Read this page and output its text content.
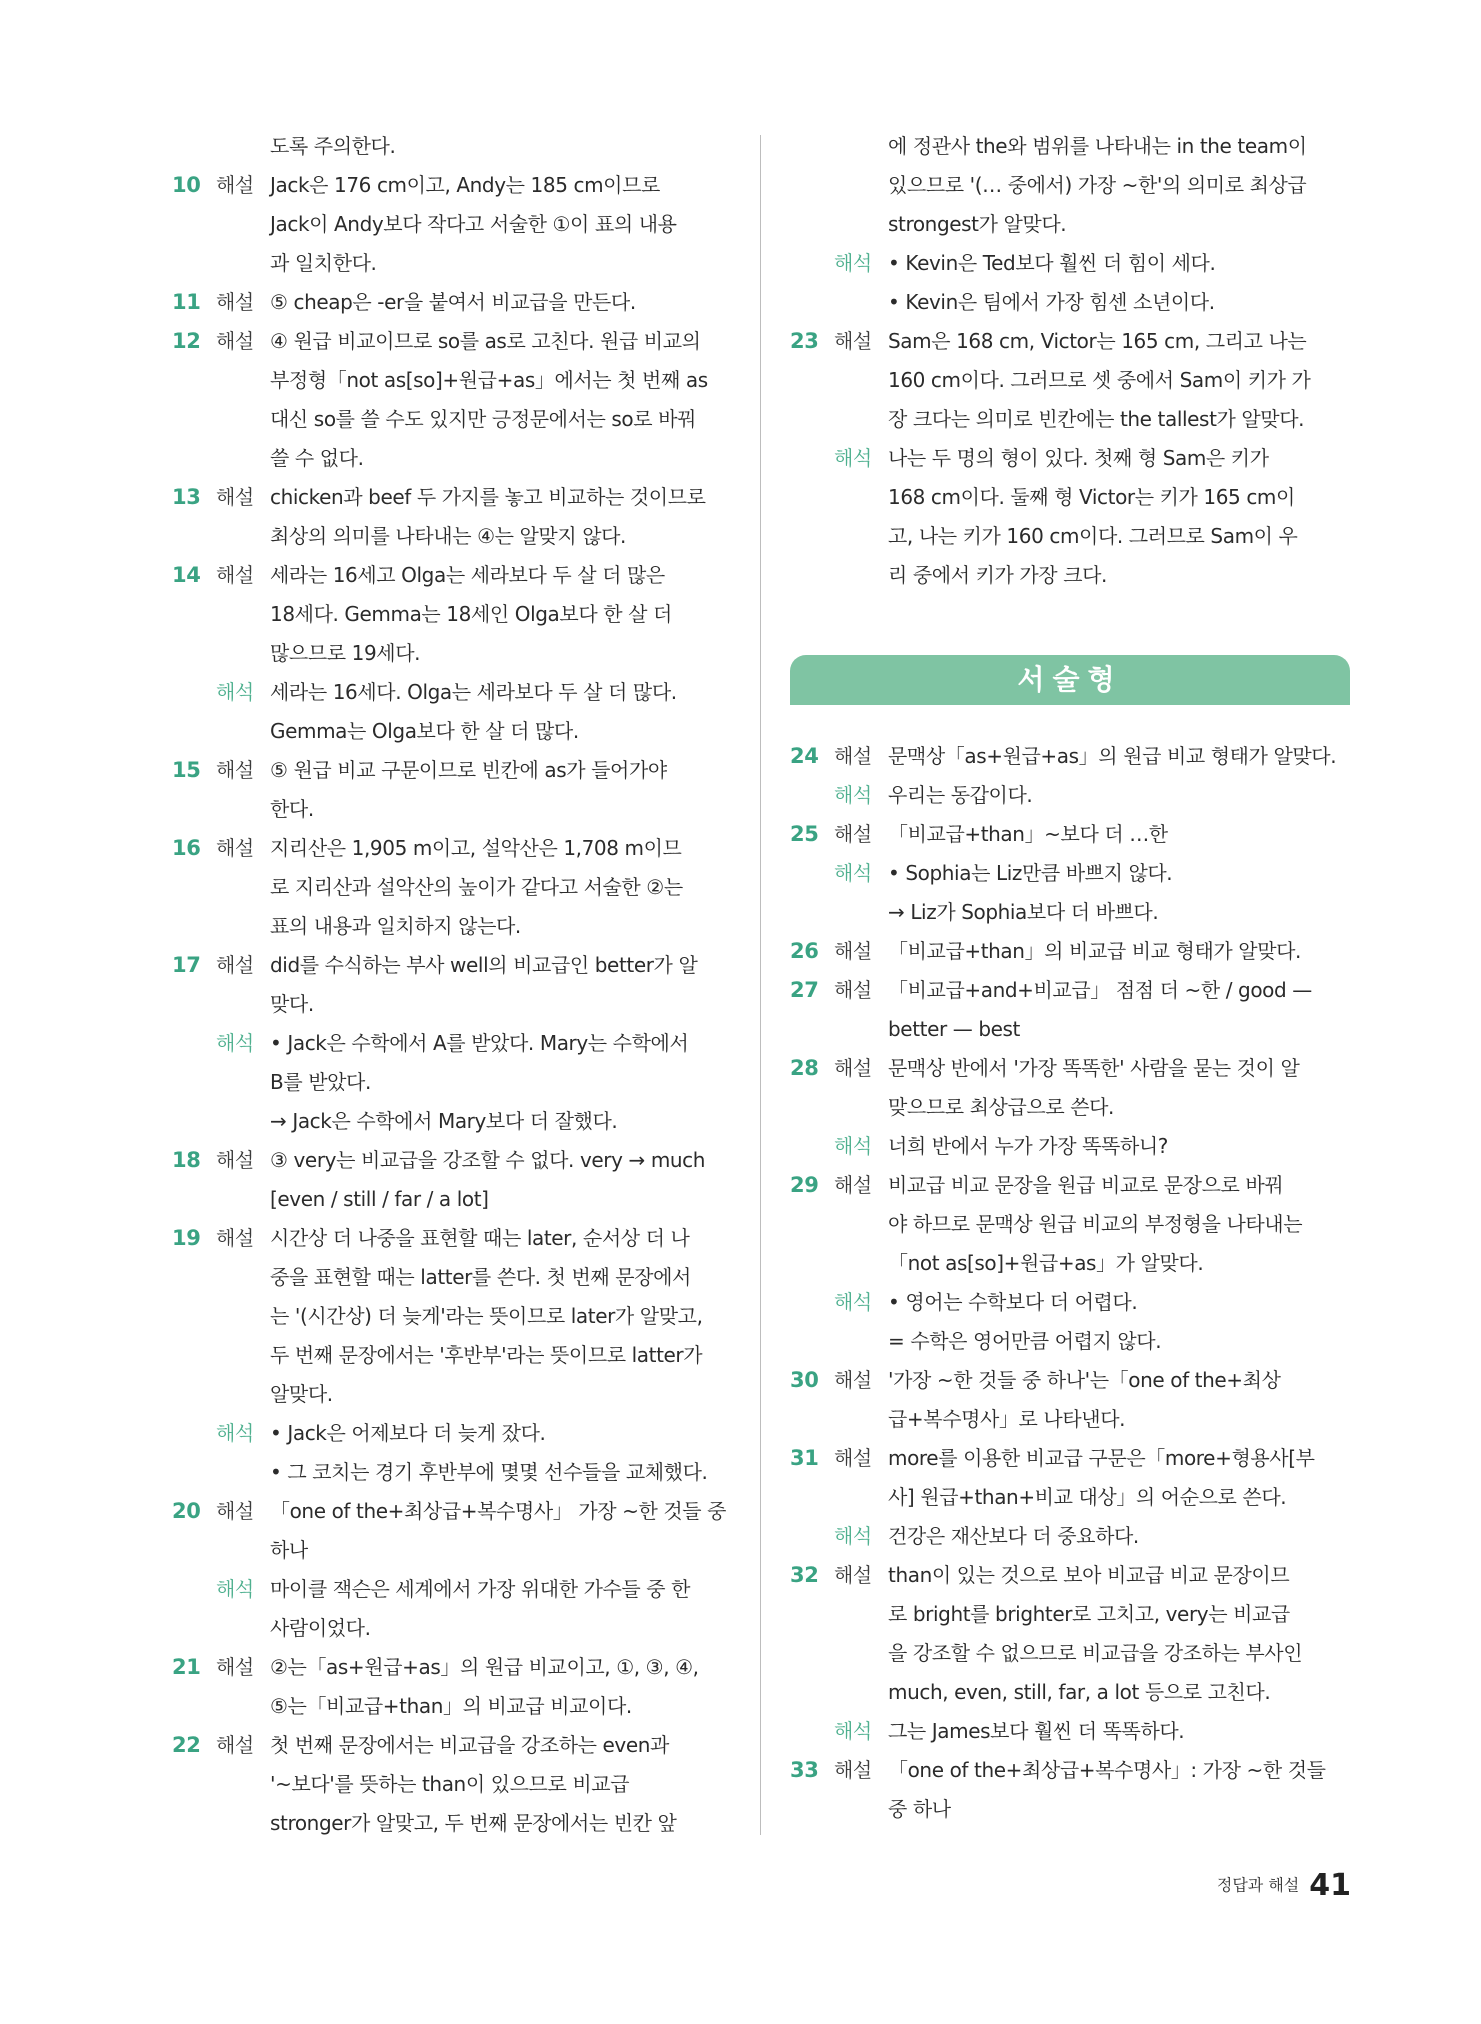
도록 주의한다.
10 해설 Jack은 176 cm이고, Andy는 185 cm이므로
Jack이 Andy보다 작다고 서술한 ①이 표의 내용
과 일치한다.
11 해설 ⑤ cheap은 -er을 붙여서 비교급을 만든다.
12 해설 ④ 원급 비교이므로 so를 as로 고친다. 원급 비교의
부정형「not as[so]+원급+as」에서는 첫 번째 as
대신 so를 쓸 수도 있지만 긍정문에서는 so로 바꿔
쓸 수 없다.
13 해설 chicken과 beef 두 가지를 놓고 비교하는 것이므로
최상의 의미를 나타내는 ④는 알맞지 않다.
14 해설 세라는 16세고 Olga는 세라보다 두 살 더 많은
18세다. Gemma는 18세인 Olga보다 한 살 더
많으므로 19세다.
해석 세라는 16세다. Olga는 세라보다 두 살 더 많다.
Gemma는 Olga보다 한 살 더 많다.
15 해설 ⑤ 원급 비교 구문이므로 빈칸에 as가 들어가야
한다.
16 해설 지리산은 1,905 m이고, 설악산은 1,708 m이므
로 지리산과 설악산의 높이가 같다고 서술한 ②는
표의 내용과 일치하지 않는다.
17 해설 did를 수식하는 부사 well의 비교급인 better가 알
맞다.
해석 • Jack은 수학에서 A를 받았다. Mary는 수학에서
B를 받았다.
→ Jack은 수학에서 Mary보다 더 잘했다.
18 해설 ③ very는 비교급을 강조할 수 없다. very → much
[even / still / far / a lot]
19 해설 시간상 더 나중을 표현할 때는 later, 순서상 더 나
중을 표현할 때는 latter를 쓴다. 첫 번째 문장에서
는 '(시간상) 더 늦게'라는 뜻이므로 later가 알맞고,
두 번째 문장에서는 '후반부'라는 뜻이므로 latter가
알맞다.
해석 • Jack은 어제보다 더 늦게 잤다.
• 그 코치는 경기 후반부에 몇몇 선수들을 교체했다.
20 해설 「one of the+최상급+복수명사」 가장 ~한 것들 중
하나
해석 마이클 잭슨은 세계에서 가장 위대한 가수들 중 한
사람이었다.
21 해설 ②는「as+원급+as」의 원급 비교이고, ①, ③, ④,
⑤는「비교급+than」의 비교급 비교이다.
22 해설 첫 번째 문장에서는 비교급을 강조하는 even과
'~보다'를 뜻하는 than이 있으므로 비교급
stronger가 알맞고, 두 번째 문장에서는 빈칸 앞
에 정관사 the와 범위를 나타내는 in the team이
있으므로 '(… 중에서) 가장 ~한'의 의미로 최상급
strongest가 알맞다.
해석 • Kevin은 Ted보다 훨씬 더 힘이 세다.
• Kevin은 팀에서 가장 힘센 소년이다.
23 해설 Sam은 168 cm, Victor는 165 cm, 그리고 나는
160 cm이다. 그러므로 셋 중에서 Sam이 키가 가
장 크다는 의미로 빈칸에는 the tallest가 알맞다.
해석 나는 두 명의 형이 있다. 첫째 형 Sam은 키가
168 cm이다. 둘째 형 Victor는 키가 165 cm이
고, 나는 키가 160 cm이다. 그러므로 Sam이 우
리 중에서 키가 가장 크다.
서술형
24 해설 문맥상「as+원급+as」의 원급 비교 형태가 알맞다.
해석 우리는 동갑이다.
25 해설 「비교급+than」~보다 더 …한
해석 • Sophia는 Liz만큼 바쁘지 않다.
→ Liz가 Sophia보다 더 바쁘다.
26 해설 「비교급+than」의 비교급 비교 형태가 알맞다.
27 해설 「비교급+and+비교급」 점점 더 ~한 / good —
better — best
28 해설 문맥상 반에서 '가장 똑똑한' 사람을 묻는 것이 알
맞으므로 최상급으로 쓴다.
해석 너희 반에서 누가 가장 똑똑하니?
29 해설 비교급 비교 문장을 원급 비교로 문장으로 바꿔
야 하므로 문맥상 원급 비교의 부정형을 나타내는
「not as[so]+원급+as」가 알맞다.
해석 • 영어는 수학보다 더 어렵다.
= 수학은 영어만큼 어렵지 않다.
30 해설 '가장 ~한 것들 중 하나'는「one of the+최상
급+복수명사」로 나타낸다.
31 해설 more를 이용한 비교급 구문은「more+형용사[부
사] 원급+than+비교 대상」의 어순으로 쓴다.
해석 건강은 재산보다 더 중요하다.
32 해설 than이 있는 것으로 보아 비교급 비교 문장이므
로 bright를 brighter로 고치고, very는 비교급
을 강조할 수 없으므로 비교급을 강조하는 부사인
much, even, still, far, a lot 등으로 고친다.
해석 그는 James보다 훨씬 더 똑똑하다.
33 해설 「one of the+최상급+복수명사」: 가장 ~한 것들
중 하나
정답과 해설 41
